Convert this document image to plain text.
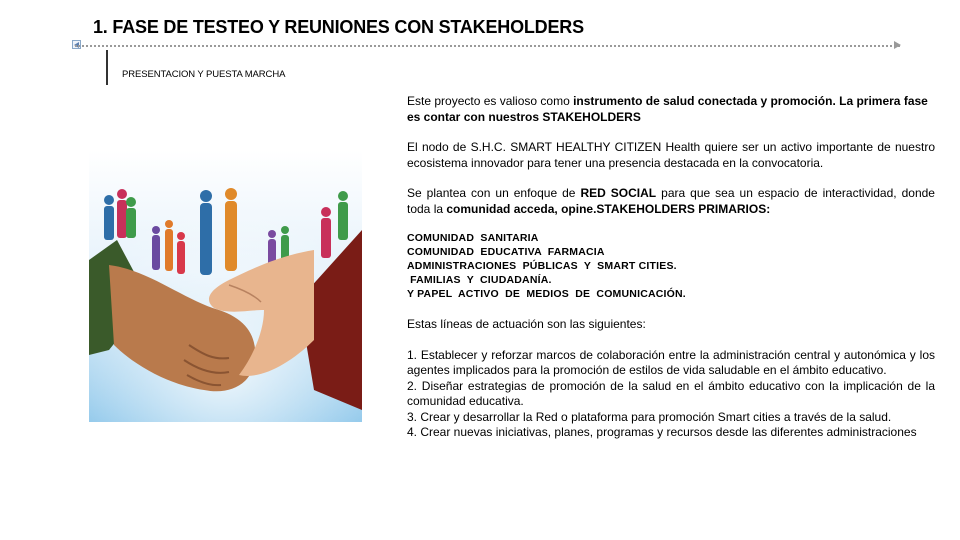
1. FASE DE TESTEO Y REUNIONES CON STAKEHOLDERS
PRESENTACION Y PUESTA MARCHA

Este proyecto es valioso como instrumento de salud conectada y promoción. La primera fase es contar con nuestros STAKEHOLDERS

El nodo de S.H.C. SMART HEALTHY CITIZEN Health quiere ser un activo importante de nuestro ecosistema innovador para tener una presencia destacada en la convocatoria.

Se plantea con un enfoque de RED SOCIAL para que sea un espacio de interactividad, donde toda la comunidad acceda, opine.STAKEHOLDERS PRIMARIOS:

COMUNIDAD  SANITARIA
COMUNIDAD  EDUCATIVA  FARMACIA
ADMINISTRACIONES  PÚBLICAS  Y  SMART CITIES.
FAMILIAS  Y  CIUDADANÍA.
Y PAPEL  ACTIVO  DE  MEDIOS  DE  COMUNICACIÓN.

Estas líneas de actuación son las siguientes:

1. Establecer y reforzar marcos de colaboración entre la administración central y autonómica y los agentes implicados para la promoción de estilos de vida saludable en el ámbito educativo.

2. Diseñar estrategias de promoción de la salud en el ámbito educativo con la implicación de la comunidad educativa.

3. Crear y desarrollar la Red o plataforma para promoción Smart cities a través de la salud.

4. Crear nuevas iniciativas, planes, programas y recursos desde las diferentes administraciones
